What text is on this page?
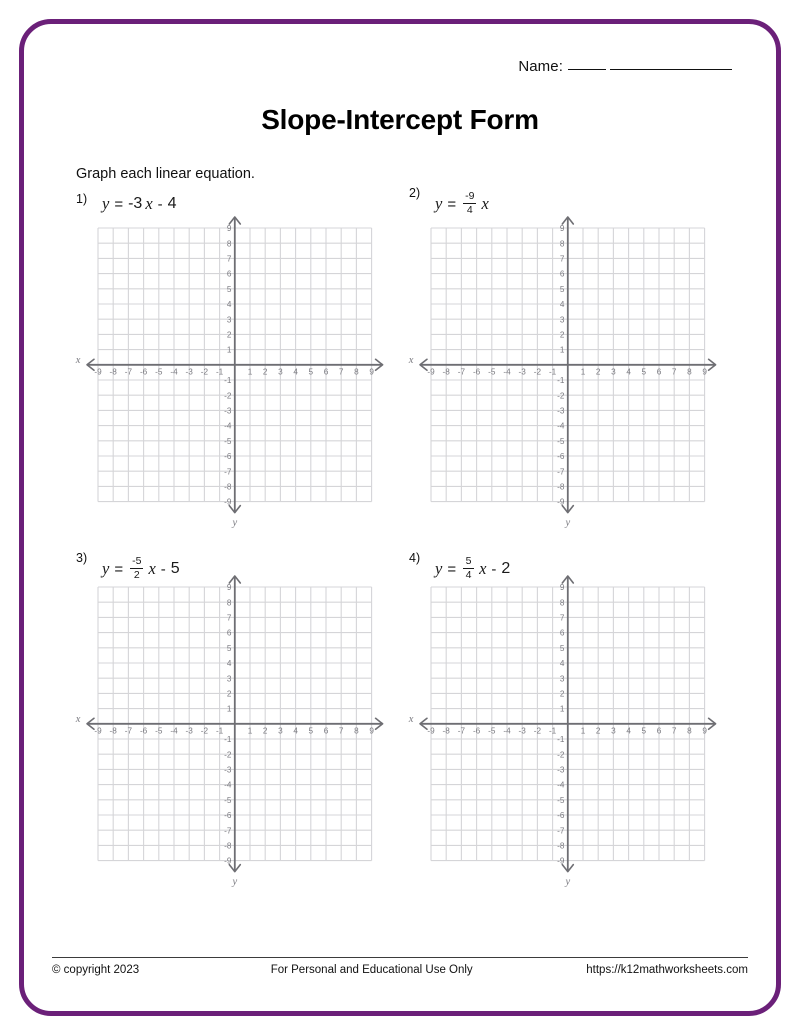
Name:
Slope-Intercept Form
Graph each linear equation.
1) y = -3 x - 4
2)
$y = \frac{-9}{4}$ x
3)
$y = \frac{-5}{2}$ x - 5
4)
$y = \frac{5}{4}$ x - 2
-9 -8 -7 -6 -5 -4 -3 -2 -1	1 2 3 4 5 6 7 8 9
9
8
7
6
5
4
3
2
1
-1
-2
-3
-4
-5
-6
-7
-8
-9
x
y
-9 -8 -7 -6 -5 -4 -3 -2 -1	1 2 3 4 5 6 7 8 9
9
8
7
6
5
4
3
2
1
-1
-2
-3
-4
-5
-6
-7
-8
-9
x
y
-9 -8 -7 -6 -5 -4 -3 -2 -1	1 2 3 4 5 6 7 8 9
9
8
7
6
5
4
3
2
1
-1
-2
-3
-4
-5
-6
-7
-8
-9
x
y
-9 -8 -7 -6 -5 -4 -3 -2 -1	1 2 3 4 5 6 7 8 9
9
8
7
6
5
4
3
2
1
-1
-2
-3
-4
-5
-6
-7
-8
-9
x
y
© copyright 2023	For Personal and Educational Use Only	https://k12mathworksheets.com
